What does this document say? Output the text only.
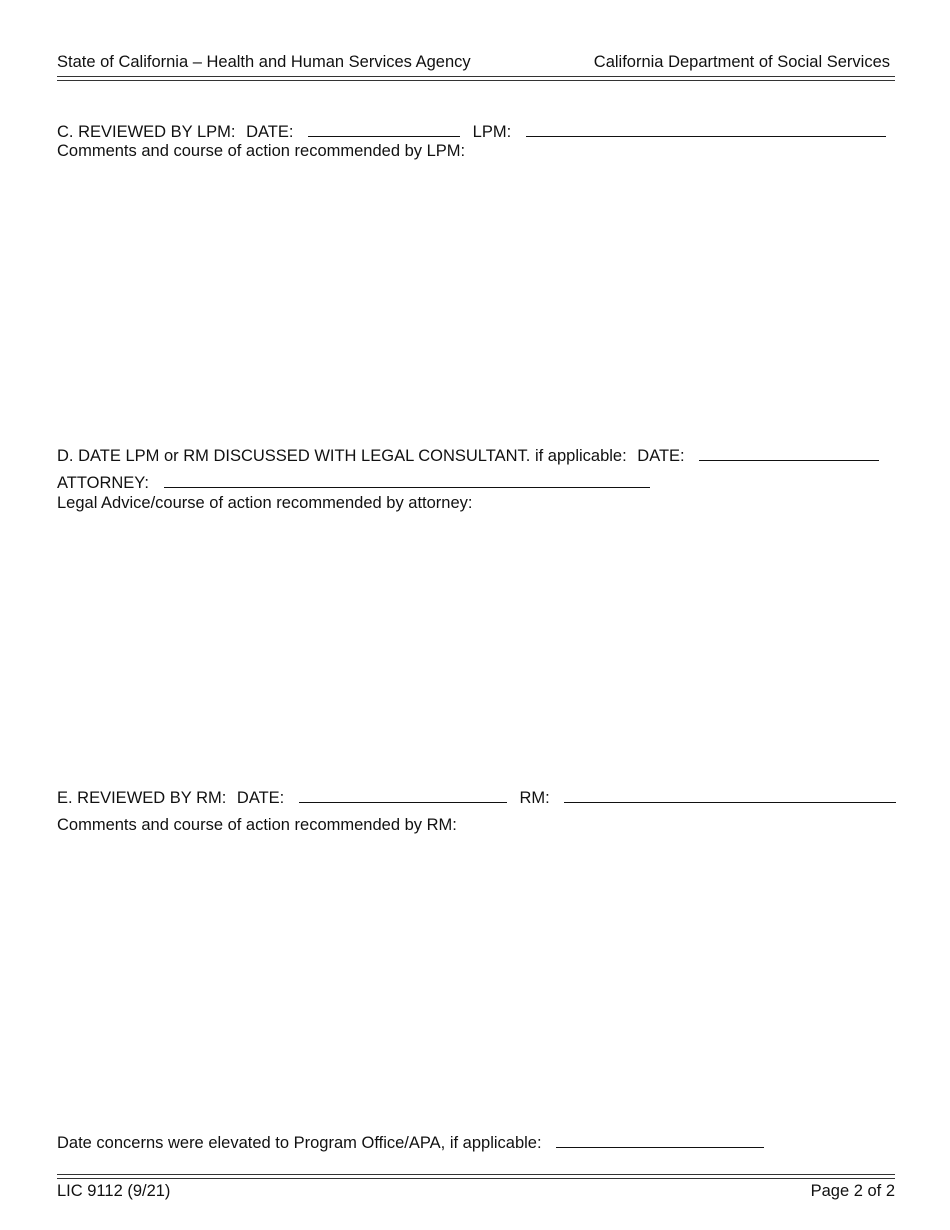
State of California – Health and Human Services Agency	California Department of Social Services
C. REVIEWED BY LPM: DATE:	LPM:
Comments and course of action recommended by LPM:
D. DATE LPM or RM DISCUSSED WITH LEGAL CONSULTANT. if applicable: DATE:
ATTORNEY:
Legal Advice/course of action recommended by attorney:
E. REVIEWED BY RM: DATE:	RM:
Comments and course of action recommended by RM:
Date concerns were elevated to Program Office/APA, if applicable:
LIC 9112 (9/21)	Page 2 of 2
